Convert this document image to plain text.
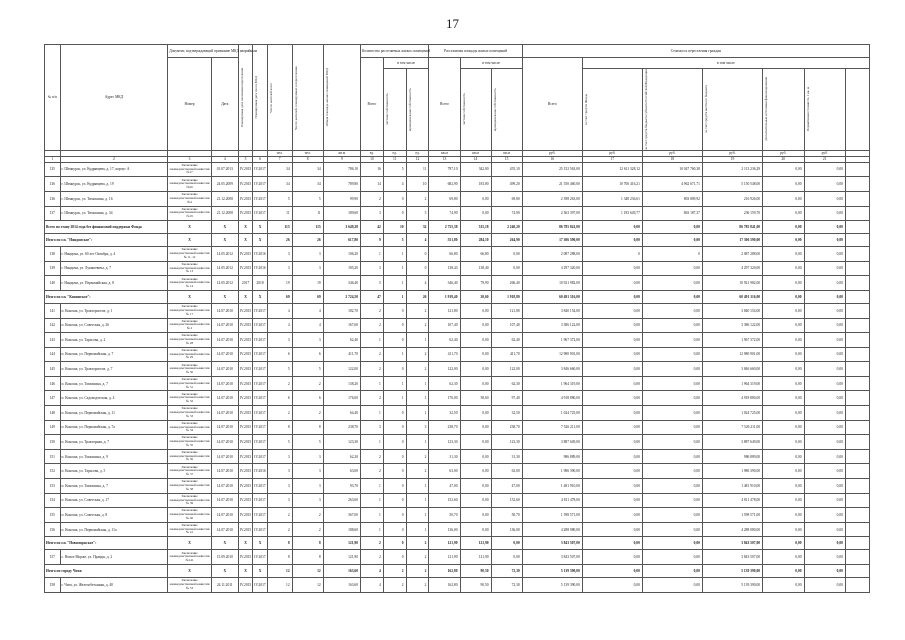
17
№ п/п	Адрес МКД	Документ, подтверждающий признание МКД аварийным		Планируемая дата окончания переселения	Планируемая дата сноса МКД	Число жителей всего	Число жителей, планируемых к переселению	Общая площадь жилых помещений МКД	Количество расселяемых жилых помещений			Расселяемая площадь жилых помещений			Стоимость переселения граждан						
		Номер	Дата						Всего	в том числе		Всего	в том числе		Всего	в том числе					

										частная собственность	муниципальная собственность		частная собственность	муниципальная собственность		за счет средств Фонда	за счет средств бюджета субъекта Российской Федерации	за счет средств местного бюджета	Дополнительные источники финансирования	Нормативная стоимость 1 кв. м	

						чел.	чел.	кв.м	ед.	ед.	ед.	кв.м	кв.м	кв.м	руб.	руб.	руб.	руб.	руб.	руб.	
1	2	3	4	5	6	7	8	9	10	11	12	13	14	15	16	17	18	19	20	21	
135	г. Шенкурск, ул. Кудрявцева, д. 17, корпус А	Заключение межведомственной комиссии №17	01.07.2013	IV.2015	IV.2017	34	34	786,10	16	5	11	797,10	342,00	455,10	25 152 563,00	12 611 328,12	10 047 760,38	2 113 236,29	0,00	0,00	
136	г. Шенкурск, ул. Кудрявцева, д. 19	Заключение межведомственной комиссии №20	24.05.2009	IV.2015	IV.2017	34	34	789,80	14	4	10	682,90	183,80	499,20	21 550 460,00	10 700 416,21	4 962 671,71	5 150 548,00	0,00	0,00	
136	г. Шенкурск, ул. Тимошина, д. 16	Заключение межведомственной комиссии №4	21.12.2008	IV.2015	IV.2017	5	5	99,90	2	0	2	69,80	0,00	69,80	2 398 263,00	1 348 236,61	803 809,92	216 926,00	0,00	0,00	
137	г. Шенкурск, ул. Тимошина, д. 34	Заключение межведомственной комиссии №19	21.12.2008	IV.2015	IV.2017	11	11	189,60	3	0	3	74,90	0,00	74,90	2 363 397,00	1 183 649,77	863 187,37	236 159,70	0,00	0,00	
Всего по этапу 2014 года без финансовой поддержки Фонда		X	X	X	X	115	115	3 649,28	42	10	32	2 755,38	515,18	2 240,20	86 785 841,00	0,00	0,00	86 785 841,00	0,00	0,00	
Итого по г.п. "Няндомское":		X	X	X	X	26	26	617,80	9	5	4	551,80	284,10	264,90	17 306 590,00	0,00	0,00	17 306 590,00	0,00	0,00	
138	г. Няндома, ул. 60 лет Октября, д. 4	Заключение межведомственной комиссии № 11, 12	14.05.2012	IV.2015	IV.2016	3	3	106,20	1	1	0	66,80	66,80	0,00	2 087 288,00	0	0	2 087 288,00	0,00	0,00	
139	г. Няндома, ул. Лукашевича, д. 7	Заключение межведомственной комиссии № 13	14.05.2012	IV.2015	IV.2016	3	3	185,20	3	1	0	138,43	138,40	0,00	4 297 320,00	0,00	0,00	4 297 320,00	0,00	0,00	
140	г. Няндома, ул. Первомайская, д. 8	Заключение межведомственной комиссии № 14	14.05.2012	2017	2018	19	19	346,40	5	1	4	346,40	79,90	266,40	10 921 982,00	0,00	0,00	10 921 982,00	0,00	0,00	
Итого по г.п. "Коношское":		X	X	X	X	69	69	2 724,50	47	1	26	1 919,40	20,60	1 918,80	60 491 316,00	0,00	0,00	60 491 316,00	0,00	0,00	
141	п. Коноша, ул. Трактористов, д. 1	Заключение межведомственной комиссии № 17	14.07.2010	IV.2015	IV.2017	4	4	182,70	2	0	2	121,80	0,00	121,80	3 840 154,00	0,00	0,00	3 840 154,00	0,00	0,00	
142	п. Коноша, ул. Советская, д. 26	Заключение межведомственной комиссии № 2	14.07.2010	IV.2015	IV.2017	4	4	167,60	2	0	2	107,40	0,00	107,40	3 386 122,00	0,00	0,00	3 386 122,00	0,00	0,00	
143	п. Коноша, ул. Тарасова, д. 2	Заключение межведомственной комиссии № 28	14.07.2010	IV.2015	IV.2017	3	3	62,40	1	0	1	62,40	0,00	62,40	1 967 372,00	0,00	0,00	1 967 372,00	0,00	0,00	
144	п. Коноша, ул. Первомайская, д. 7	Заключение межведомственной комиссии № 29	14.07.2010	IV.2015	IV.2017	6	6	411,70	2	1	2	411,70	0,00	411,70	12 980 901,00	0,00	0,00	12 980 901,00	0,00	0,00	
145	п. Коноша, ул. Трактористов, д. 7	Заключение межведомственной комиссии № 30	14.07.2010	IV.2015	IV.2017	5	5	122,00	2	0	2	122,00	0,00	122,00	3 846 660,00	0,00	0,00	3 846 660,00	0,00	0,00	
146	п. Коноша, ул. Тимошина, д. 7	Заключение межведомственной комиссии № 31	14.07.2010	IV.2015	IV.2017	2	2	138,20	1	1	1	62,30	0,00	62,30	1 964 319,00	0,00	0,00	1 964 319,00	0,00	0,00	
147	п. Коноша, ул. Садоводческая, д. 4	Заключение межведомственной комиссии № 32	14.07.2010	IV.2015	IV.2017	6	6	176,00	2	1	1	176,00	58,60	97,40	4 918 880,00	0,00	0,00	4 918 880,00	0,00	0,00	
148	п. Коноша, ул. Первомайская, д. 11	Заключение межведомственной комиссии № 33	14.07.2010	IV.2015	IV.2017	2	2	64,40	1	0	1	32,50	0,00	32,50	1 024 725,00	0,00	0,00	1 024 725,00	0,00	0,00	
149	п. Коноша, ул. Первомайская, д. 7а	Заключение межведомственной комиссии № 34	14.07.2010	IV.2015	IV.2017	8	8	238,70	3	0	3	238,70	0,00	238,70	7 526 211,00	0,00	0,00	7 526 211,00	0,00	0,00	
150	п. Коноша, ул. Тракторная, д. 7	Заключение межведомственной комиссии № 35	14.07.2010	IV.2015	IV.2017	5	5	123,30	1	0	1	123,30	0,00	123,30	3 887 649,00	0,00	0,00	3 887 649,00	0,00	0,00	
151	п. Коноша, ул. Тимошина, д. 9	Заключение межведомственной комиссии № 36	14.07.2010	IV.2015	IV.2017	3	3	62,20	2	0	2	31,30	0,00	31,30	986 889,00	0,00	0,00	986 889,00	0,00	0,00	
152	п. Коноша, ул. Тарасова, д. 5	Заключение межведомственной комиссии № 37	14.07.2010	IV.2015	IV.2016	3	3	63,00	2	0	2	63,00	0,00	63,00	1 986 390,00	0,00	0,00	1 986 390,00	0,00	0,00	
153	п. Коноша, ул. Тимошина, д. 7	Заключение межведомственной комиссии № 38	14.07.2010	IV.2015	IV.2017	3	3	93,70	1	0	1	47,00	0,00	47,00	1 481 910,00	0,00	0,00	1 481 910,00	0,00	0,00	
154	п. Коноша, ул. Советская, д. 17	Заключение межведомственной комиссии № 39	14.07.2010	IV.2015	IV.2017	3	3	263,60	1	0	1	152,60	0,00	152,60	4 811 478,00	0,00	0,00	4 811 478,00	0,00	0,00	
155	п. Коноша, ул. Советская, д. 8	Заключение межведомственной комиссии № 40	14.07.2010	IV.2015	IV.2017	2	2	367,00	1	0	1	50,70	0,00	50,70	1 598 571,00	0,00	0,00	1 598 571,00	0,00	0,00	
156	п. Коноша, ул. Первомайская, д. 11а	Заключение межведомственной комиссии № 41	14.07.2010	IV.2015	IV.2017	2	2	188,60	1	0	1	136,00	0,00	136,00	4 288 080,00	0,00	0,00	4 288 080,00	0,00	0,00	
Итого по г.п. "Новоморжское":		X	X	X	X	8	8	121,90	2	0	2	121,90	121,90	0,00	3 843 507,00	0,00	0,00	3 843 507,00	0,00	0,00	
157	с. Новое Морже, ул. Правды, д. 2	Заключение межведомственной комиссии №141	15.09.2010	IV.2015	IV.2017	8	8	121,90	2	0	2	121,90	121,90	0,00	3 843 507,00	0,00	0,00	3 843 507,00	0,00	0,00	
Итого по городу Чита:		X	X	X	X	12	12	163,60	4	2	2	162,80	90,50	72,30	5 139 390,00	0,00	0,00	5 139 390,00	0,00	0,00	
158	г. Чита, ул. Железобетонная, д. 40	Заключение межведомственной комиссии № 53	24.11.2011	IV.2015	IV.2017	12	12	163,60	4	2	2	162,80	90,50	72,30	5 139 390,00	0,00	0,00	5 139 390,00	0,00	0,00	
